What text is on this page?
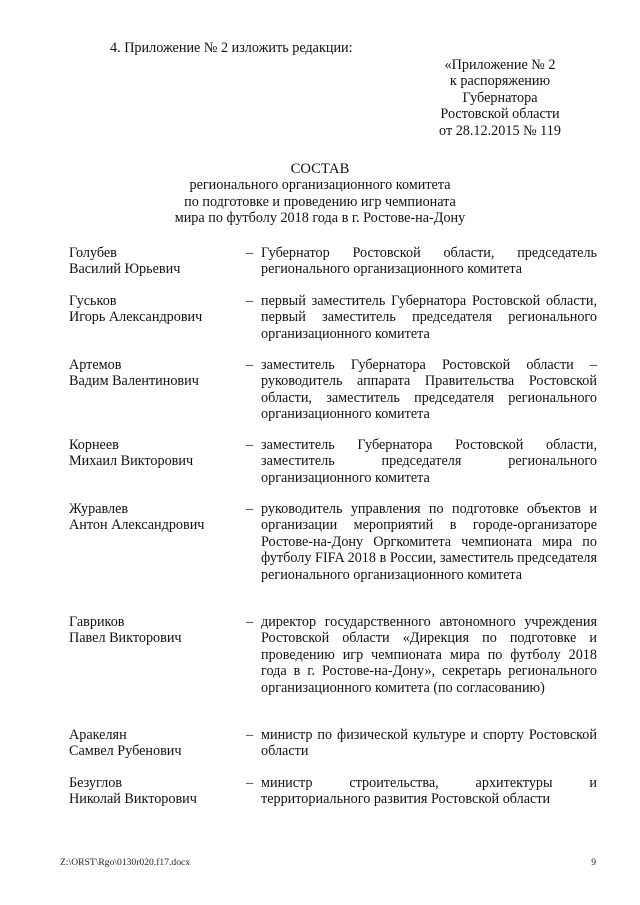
4. Приложение № 2 изложить редакции:
«Приложение № 2
к распоряжению
Губернатора
Ростовской области
от 28.12.2015 № 119
СОСТАВ
регионального организационного комитета
по подготовке и проведению игр чемпионата
мира по футболу 2018 года в г. Ростове-на-Дону
Голубев
Василий Юрьевич
– Губернатор Ростовской области, председатель регионального организационного комитета
Гуськов
Игорь Александрович
– первый заместитель Губернатора Ростовской области, первый заместитель председателя регионального организационного комитета
Артемов
Вадим Валентинович
– заместитель Губернатора Ростовской области – руководитель аппарата Правительства Ростовской области, заместитель председателя регионального организационного комитета
Корнеев
Михаил Викторович
– заместитель Губернатора Ростовской области, заместитель председателя регионального организационного комитета
Журавлев
Антон Александрович
– руководитель управления по подготовке объектов и организации мероприятий в городе-организаторе Ростове-на-Дону Оргкомитета чемпионата мира по футболу FIFA 2018 в России, заместитель председателя регионального организационного комитета
Гавриков
Павел Викторович
– директор государственного автономного учреждения Ростовской области «Дирекция по подготовке и проведению игр чемпионата мира по футболу 2018 года в г. Ростове-на-Дону», секретарь регионального организационного комитета (по согласованию)
Аракелян
Самвел Рубенович
– министр по физической культуре и спорту Ростовской области
Безуглов
Николай Викторович
– министр строительства, архитектуры и территориального развития Ростовской области
Z:\ORST\Rgo\0130r020.f17.docx	9
